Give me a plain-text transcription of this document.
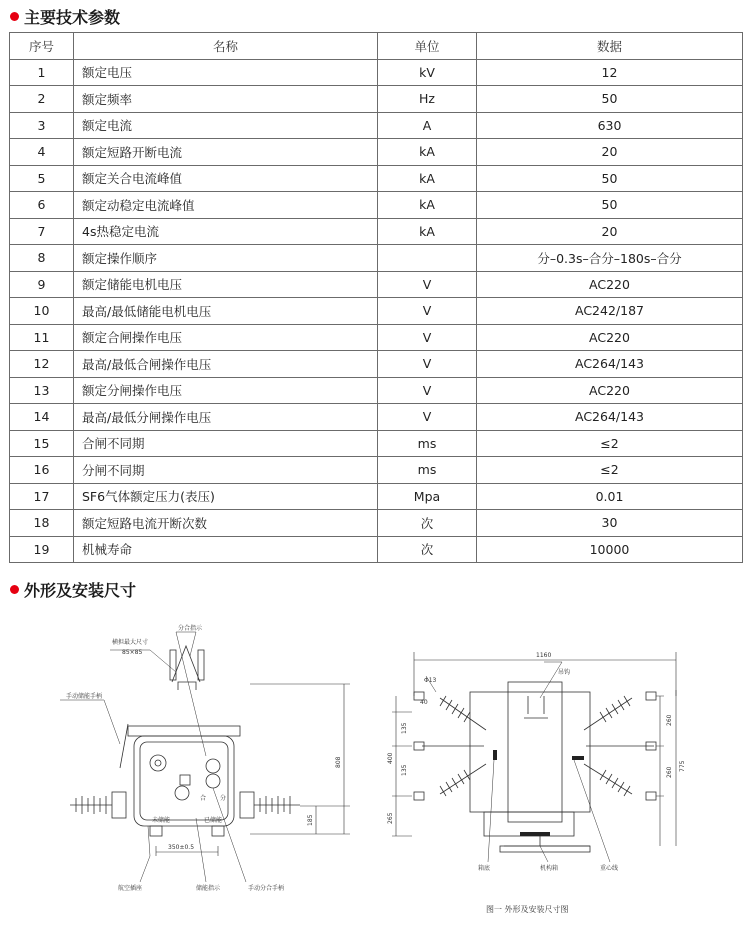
主要技术参数
序号	名称	单位	数据
1	额定电压	kV	12
2	额定频率	Hz	50
3	额定电流	A	630
4	额定短路开断电流	kA	20
5	额定关合电流峰值	kA	50
6	额定动稳定电流峰值	kA	50
7	4s热稳定电流	kA	20
8	额定操作顺序		分–0.3s–合分–180s–合分
9	额定储能电机电压	V	AC220
10	最高/最低储能电机电压	V	AC242/187
11	额定合闸操作电压	V	AC220
12	最高/最低合闸操作电压	V	AC264/143
13	额定分闸操作电压	V	AC220
14	最高/最低分闸操作电压	V	AC264/143
15	合闸不同期	ms	≤2
16	分闸不同期	ms	≤2
17	SF6气体额定压力(表压)	Mpa	0.01
18	额定短路电流开断次数	次	30
19	机械寿命	次	10000
外形及安装尺寸
横担最大尺寸
85×85
分合指示
手动储能手柄
未储能	已储能
合 分
350±0.5
航空插座	储能指示	手动分合手柄
808
185
1160
吊钩
Φ13
40
135
135
400
265
260
260
775
箱底	机构箱	重心线
图一 外形及安装尺寸图
